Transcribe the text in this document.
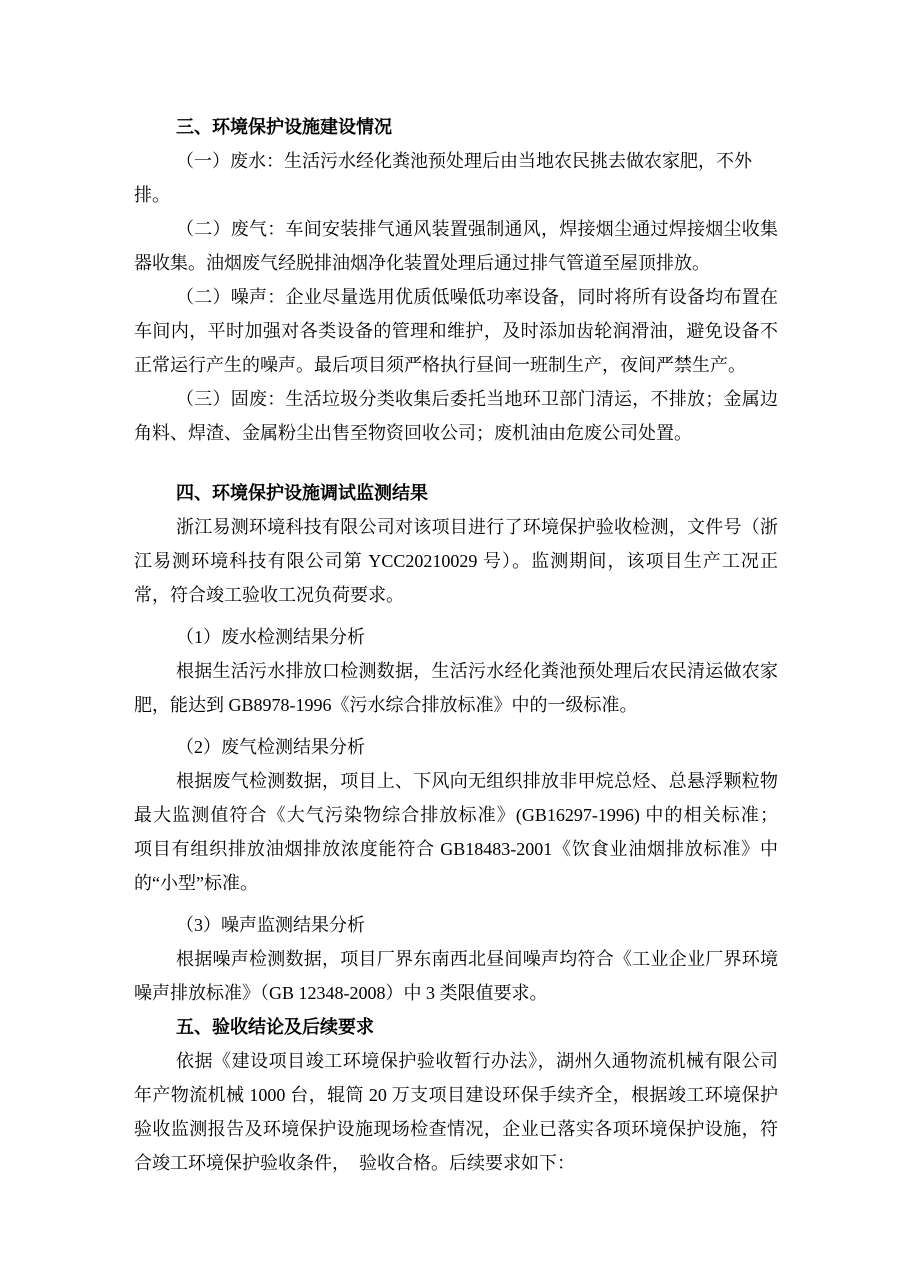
三、环境保护设施建设情况
（一）废水：生活污水经化粪池预处理后由当地农民挑去做农家肥，不外排。
（二）废气：车间安装排气通风装置强制通风，焊接烟尘通过焊接烟尘收集
器收集。油烟废气经脱排油烟净化装置处理后通过排气管道至屋顶排放。
（二）噪声：企业尽量选用优质低噪低功率设备，同时将所有设备均布置在
车间内，平时加强对各类设备的管理和维护，及时添加齿轮润滑油，避免设备不
正常运行产生的噪声。最后项目须严格执行昼间一班制生产，夜间严禁生产。
（三）固废：生活垃圾分类收集后委托当地环卫部门清运，不排放；金属边
角料、焊渣、金属粉尘出售至物资回收公司；废机油由危废公司处置。
四、环境保护设施调试监测结果
浙江易测环境科技有限公司对该项目进行了环境保护验收检测，文件号（浙
江易测环境科技有限公司第 YCC20210029 号）。监测期间，该项目生产工况正
常，符合竣工验收工况负荷要求。
（1）废水检测结果分析
根据生活污水排放口检测数据，生活污水经化粪池预处理后农民清运做农家
肥，能达到 GB8978-1996《污水综合排放标准》中的一级标准。
（2）废气检测结果分析
根据废气检测数据，项目上、下风向无组织排放非甲烷总烃、总悬浮颗粒物
最大监测值符合《大气污染物综合排放标准》(GB16297-1996) 中的相关标准；
项目有组织排放油烟排放浓度能符合 GB18483-2001《饮食业油烟排放标准》中
的“小型”标准。
（3）噪声监测结果分析
根据噪声检测数据，项目厂界东南西北昼间噪声均符合《工业企业厂界环境
噪声排放标准》（GB 12348-2008）中 3 类限值要求。
五、验收结论及后续要求
依据《建设项目竣工环境保护验收暂行办法》，湖州久通物流机械有限公司
年产物流机械 1000 台，辊筒 20 万支项目建设环保手续齐全，根据竣工环境保护
验收监测报告及环境保护设施现场检查情况，企业已落实各项环境保护设施，符
合竣工环境保护验收条件，　验收合格。后续要求如下：
